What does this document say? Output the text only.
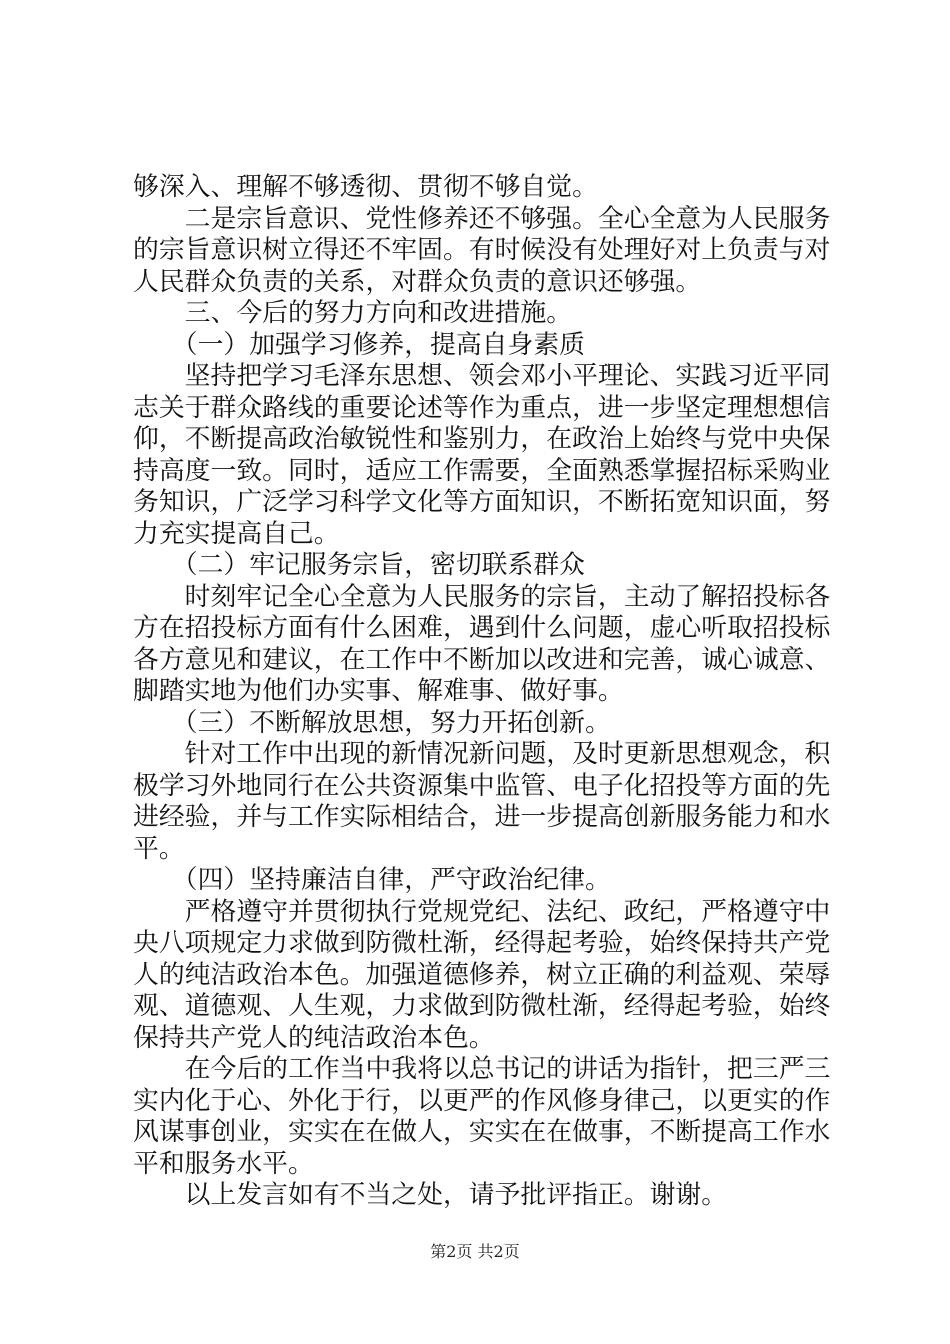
够深入、理解不够透彻、贯彻不够自觉。
　　二是宗旨意识、党性修养还不够强。全心全意为人民服务
的宗旨意识树立得还不牢固。有时候没有处理好对上负责与对
人民群众负责的关系，对群众负责的意识还够强。
　　三、今后的努力方向和改进措施。
　　（一）加强学习修养，提高自身素质
　　坚持把学习毛泽东思想、领会邓小平理论、实践习近平同
志关于群众路线的重要论述等作为重点，进一步坚定理想想信
仰，不断提高政治敏锐性和鉴别力，在政治上始终与党中央保
持高度一致。同时，适应工作需要，全面熟悉掌握招标采购业
务知识，广泛学习科学文化等方面知识，不断拓宽知识面，努
力充实提高自己。
　　（二）牢记服务宗旨，密切联系群众
　　时刻牢记全心全意为人民服务的宗旨，主动了解招投标各
方在招投标方面有什么困难，遇到什么问题，虚心听取招投标
各方意见和建议，在工作中不断加以改进和完善，诚心诚意、
脚踏实地为他们办实事、解难事、做好事。
　　（三）不断解放思想，努力开拓创新。
　　针对工作中出现的新情况新问题，及时更新思想观念，积
极学习外地同行在公共资源集中监管、电子化招投等方面的先
进经验，并与工作实际相结合，进一步提高创新服务能力和水
平。
　　（四）坚持廉洁自律，严守政治纪律。
　　严格遵守并贯彻执行党规党纪、法纪、政纪，严格遵守中
央八项规定力求做到防微杜渐，经得起考验，始终保持共产党
人的纯洁政治本色。加强道德修养，树立正确的利益观、荣辱
观、道德观、人生观，力求做到防微杜渐，经得起考验，始终
保持共产党人的纯洁政治本色。
　　在今后的工作当中我将以总书记的讲话为指针，把三严三
实内化于心、外化于行，以更严的作风修身律己，以更实的作
风谋事创业，实实在在做人，实实在在做事，不断提高工作水
平和服务水平。
　　以上发言如有不当之处，请予批评指正。谢谢。
第2页 共2页
